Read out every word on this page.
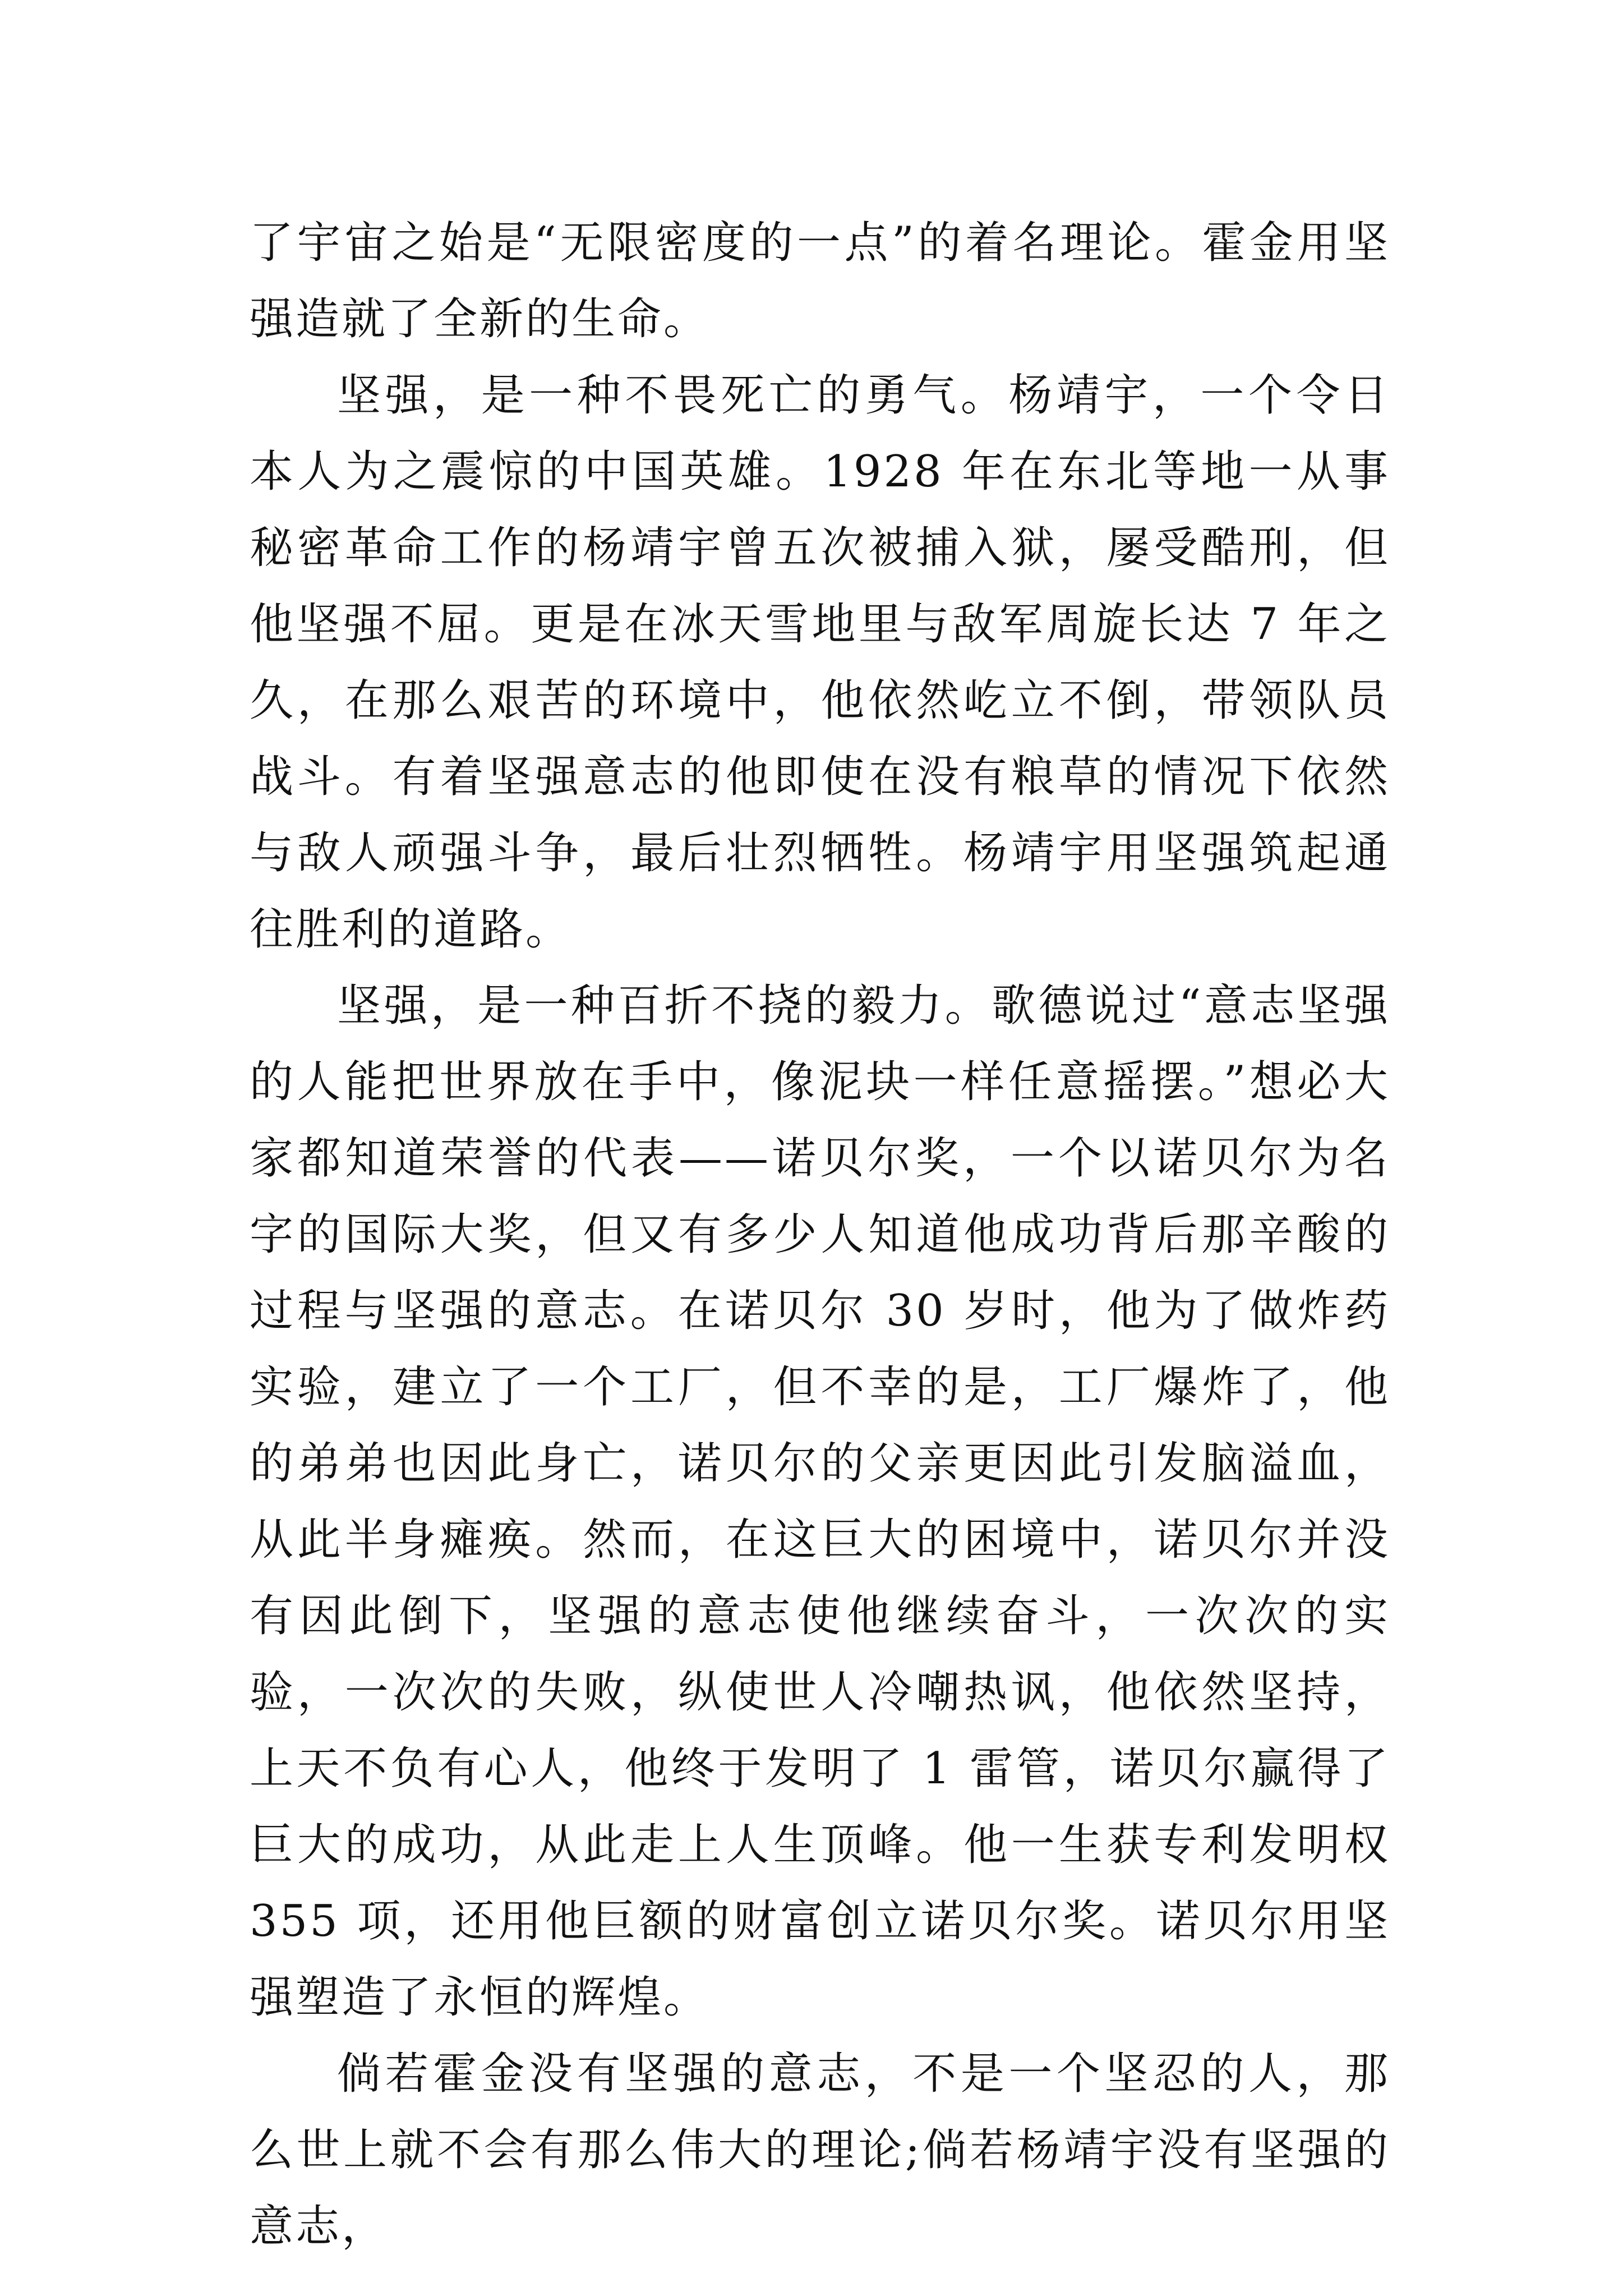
了宇宙之始是“无限密度的一点”的着名理论。霍金用坚强造就了全新的生命。

坚强，是一种不畏死亡的勇气。杨靖宇，一个令日本人为之震惊的中国英雄。1928 年在东北等地一从事秘密革命工作的杨靖宇曾五次被捕入狱，屡受酷刑，但他坚强不屈。更是在冰天雪地里与敌军周旋长达 7 年之久，在那么艰苦的环境中，他依然屹立不倒，带领队员战斗。有着坚强意志的他即使在没有粮草的情况下依然与敌人顽强斗争，最后壮烈牺牲。杨靖宇用坚强筑起通往胜利的道路。

坚强，是一种百折不挠的毅力。歌德说过“意志坚强的人能把世界放在手中，像泥块一样任意摇摆。”想必大家都知道荣誉的代表——诺贝尔奖，一个以诺贝尔为名字的国际大奖，但又有多少人知道他成功背后那辛酸的过程与坚强的意志。在诺贝尔 30 岁时，他为了做炸药实验，建立了一个工厂，但不幸的是，工厂爆炸了，他的弟弟也因此身亡，诺贝尔的父亲更因此引发脑溢血，从此半身瘫痪。然而，在这巨大的困境中，诺贝尔并没有因此倒下，坚强的意志使他继续奋斗，一次次的实验，一次次的失败，纵使世人冷嘲热讽，他依然坚持，上天不负有心人，他终于发明了 1 雷管，诺贝尔赢得了巨大的成功，从此走上人生顶峰。他一生获专利发明权 355 项，还用他巨额的财富创立诺贝尔奖。诺贝尔用坚强塑造了永恒的辉煌。

倘若霍金没有坚强的意志，不是一个坚忍的人，那么世上就不会有那么伟大的理论;倘若杨靖宇没有坚强的意志，
